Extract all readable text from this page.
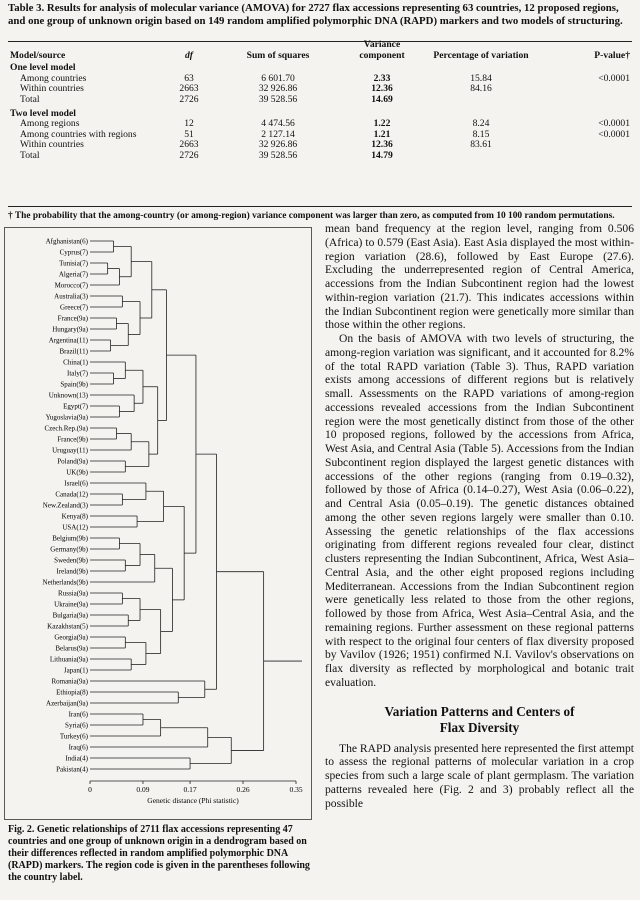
Table 3. Results for analysis of molecular variance (AMOVA) for 2727 flax accessions representing 63 countries, 12 proposed regions, and one group of unknown origin based on 149 random amplified polymorphic DNA (RAPD) markers and two models of structuring.
Model/source	df	Sum of squares	Variance component	Percentage of variation	P-value†
One level model					
Among countries	63	6 601.70	2.33	15.84	<0.0001
Within countries	2663	32 926.86	12.36	84.16	
Total	2726	39 528.56	14.69		
Two level model					
Among regions	12	4 474.56	1.22	8.24	<0.0001
Among countries with regions	51	2 127.14	1.21	8.15	<0.0001
Within countries	2663	32 926.86	12.36	83.61	
Total	2726	39 528.56	14.79		
† The probability that the among-country (or among-region) variance component was larger than zero, as computed from 10 100 random permutations.
Afghanistan(6)
Cyprus(7)
Tunisia(7)
Algeria(7)
Morocco(7)
Australia(3)
Greece(7)
France(9a)
Hungary(9a)
Argentina(11)
Brazil(11)
China(1)
Italy(7)
Spain(9b)
Unknown(13)
Egypt(7)
Yugoslavia(9a)
Czech.Rep.(9a)
France(9b)
Uruguay(11)
Poland(9a)
UK(9b)
Israel(6)
Canada(12)
New.Zealand(3)
Kenya(8)
USA(12)
Belgium(9b)
Germany(9b)
Sweden(9b)
Ireland(9b)
Netherlands(9b)
Russia(9a)
Ukraine(9a)
Bulgaria(9a)
Kazakhstan(5)
Georgia(9a)
Belarus(9a)
Lithuania(9a)
Japan(1)
Romania(9a)
Ethiopia(8)
Azerbaijan(9a)
Iran(6)
Syria(6)
Turkey(6)
Iraq(6)
India(4)
Pakistan(4)
0	0.09	0.17	0.26	0.35
Genetic distance (Phi statistic)
Fig. 2. Genetic relationships of 2711 flax accessions representing 47 countries and one group of unknown origin in a dendrogram based on their differences reflected in random amplified polymorphic DNA (RAPD) markers. The region code is given in the parentheses following the country label.

mean band frequency at the region level, ranging from 0.506 (Africa) to 0.579 (East Asia). East Asia displayed the most within-region variation (28.6), followed by East Europe (27.6). Excluding the underrepresented region of Central America, accessions from the Indian Subcontinent region had the lowest within-region variation (21.7). This indicates accessions within the Indian Subcontinent region were genetically more similar than those within the other regions.

On the basis of AMOVA with two levels of structuring, the among-region variation was significant, and it accounted for 8.2% of the total RAPD variation (Table 3). Thus, RAPD variation exists among accessions of different regions but is relatively small. Assessments on the RAPD variations of among-region accessions revealed accessions from the Indian Subcontinent region were the most genetically distinct from those of the other 10 proposed regions, followed by the accessions from Africa, West Asia, and Central Asia (Table 5). Accessions from the Indian Subcontinent region displayed the largest genetic distances with accessions of the other regions (ranging from 0.19–0.32), followed by those of Africa (0.14–0.27), West Asia (0.06–0.22), and Central Asia (0.05–0.19). The genetic distances obtained among the other seven regions largely were smaller than 0.10. Assessing the genetic relationships of the flax accessions originating from different regions revealed four clear, distinct clusters representing the Indian Subcontinent, Africa, West Asia–Central Asia, and the other eight proposed regions including Mediterranean. Accessions from the Indian Subcontinent region were genetically less related to those from the other regions, followed by those from Africa, West Asia–Central Asia, and the remaining regions. Further assessment on these regional patterns with respect to the original four centers of flax diversity proposed by Vavilov (1926; 1951) confirmed N.I. Vavilov's observations on flax diversity as reflected by morphological and botanic trait evaluation.

Variation Patterns and Centers of
Flax Diversity

The RAPD analysis presented here represented the first attempt to assess the regional patterns of molecular variation in a crop species from such a large scale of plant germplasm. The variation patterns revealed here (Fig. 2 and 3) probably reflect all the possible
